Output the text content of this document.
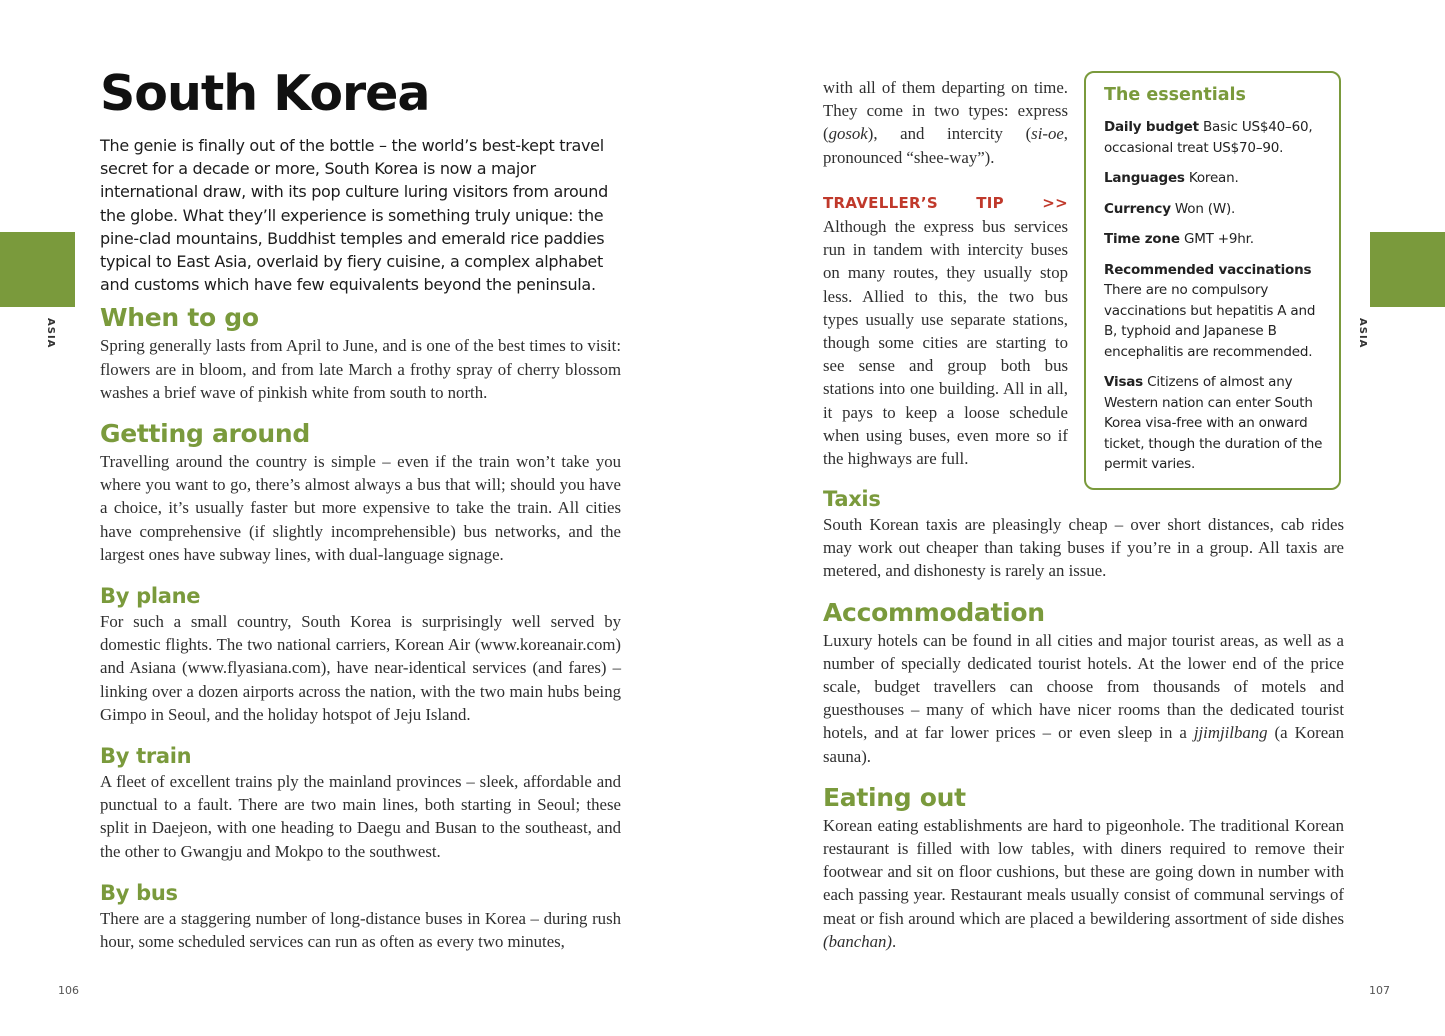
ASIA	ASIA
South Korea

The genie is finally out of the bottle – the world’s best-kept travel secret for a decade or more, South Korea is now a major international draw, with its pop culture luring visitors from around the globe. What they’ll experience is something truly unique: the pine-clad mountains, Buddhist temples and emerald rice paddies typical to East Asia, overlaid by fiery cuisine, a complex alphabet and customs which have few equivalents beyond the peninsula.

When to go

Spring generally lasts from April to June, and is one of the best times to visit: flowers are in bloom, and from late March a frothy spray of cherry blossom washes a brief wave of pinkish white from south to north.

Getting around

Travelling around the country is simple – even if the train won’t take you where you want to go, there’s almost always a bus that will; should you have a choice, it’s usually faster but more expensive to take the train. All cities have comprehensive (if slightly incomprehensible) bus networks, and the largest ones have subway lines, with dual-language signage.

By plane

For such a small country, South Korea is surprisingly well served by domestic flights. The two national carriers, Korean Air (www.koreanair.com) and Asiana (www.flyasiana.com), have near-identical services (and fares) – linking over a dozen airports across the nation, with the two main hubs being Gimpo in Seoul, and the holiday hotspot of Jeju Island.

By train

A fleet of excellent trains ply the mainland provinces – sleek, affordable and punctual to a fault. There are two main lines, both starting in Seoul; these split in Daejeon, with one heading to Daegu and Busan to the southeast, and the other to Gwangju and Mokpo to the southwest.

By bus

There are a staggering number of long-distance buses in Korea – during rush hour, some scheduled services can run as often as every two minutes,

with all of them departing on time. They come in two types: express (gosok), and intercity (si-oe, pronounced “shee-way”).

TRAVELLER’S TIP >> Although the express bus services run in tandem with intercity buses on many routes, they usually stop less. Allied to this, the two bus types usually use separate stations, though some cities are starting to see sense and group both bus stations into one building. All in all, it pays to keep a loose schedule when using buses, even more so if the highways are full.

The essentials
Daily budget Basic US$40–60, occasional treat US$70–90.
Languages Korean.
Currency Won (W).
Time zone GMT +9hr.
Recommended vaccinations
There are no compulsory vaccinations but hepatitis A and B, typhoid and Japanese B encephalitis are recommended.
Visas Citizens of almost any Western nation can enter South Korea visa-free with an onward ticket, though the duration of the permit varies.
Taxis

South Korean taxis are pleasingly cheap – over short distances, cab rides may work out cheaper than taking buses if you’re in a group. All taxis are metered, and dishonesty is rarely an issue.

Accommodation

Luxury hotels can be found in all cities and major tourist areas, as well as a number of specially dedicated tourist hotels. At the lower end of the price scale, budget travellers can choose from thousands of motels and guesthouses – many of which have nicer rooms than the dedicated tourist hotels, and at far lower prices – or even sleep in a jjimjilbang (a Korean sauna).

Eating out

Korean eating establishments are hard to pigeonhole. The traditional Korean restaurant is filled with low tables, with diners required to remove their footwear and sit on floor cushions, but these are going down in number with each passing year. Restaurant meals usually consist of communal servings of meat or fish around which are placed a bewildering assortment of side dishes (banchan).

106	107
